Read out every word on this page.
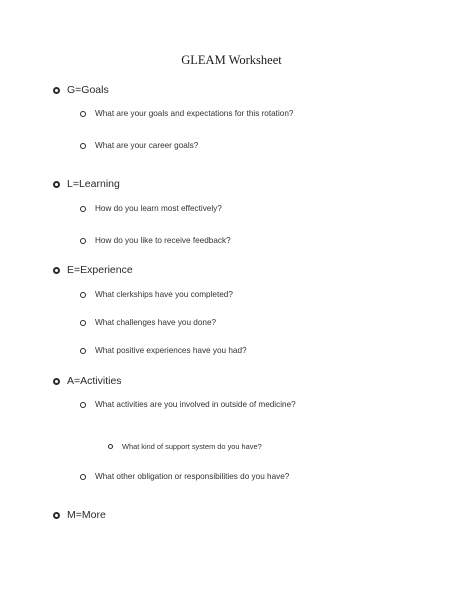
GLEAM Worksheet
G=Goals
What are your goals and expectations for this rotation?
What are your career goals?
L=Learning
How do you learn most effectively?
How do you like to receive feedback?
E=Experience
What clerkships have you completed?
What challenges have you done?
What positive experiences have you had?
A=Activities
What activities are you involved in outside of medicine?
What kind of support system do you have?
What other obligation or responsibilities do you have?
M=More
